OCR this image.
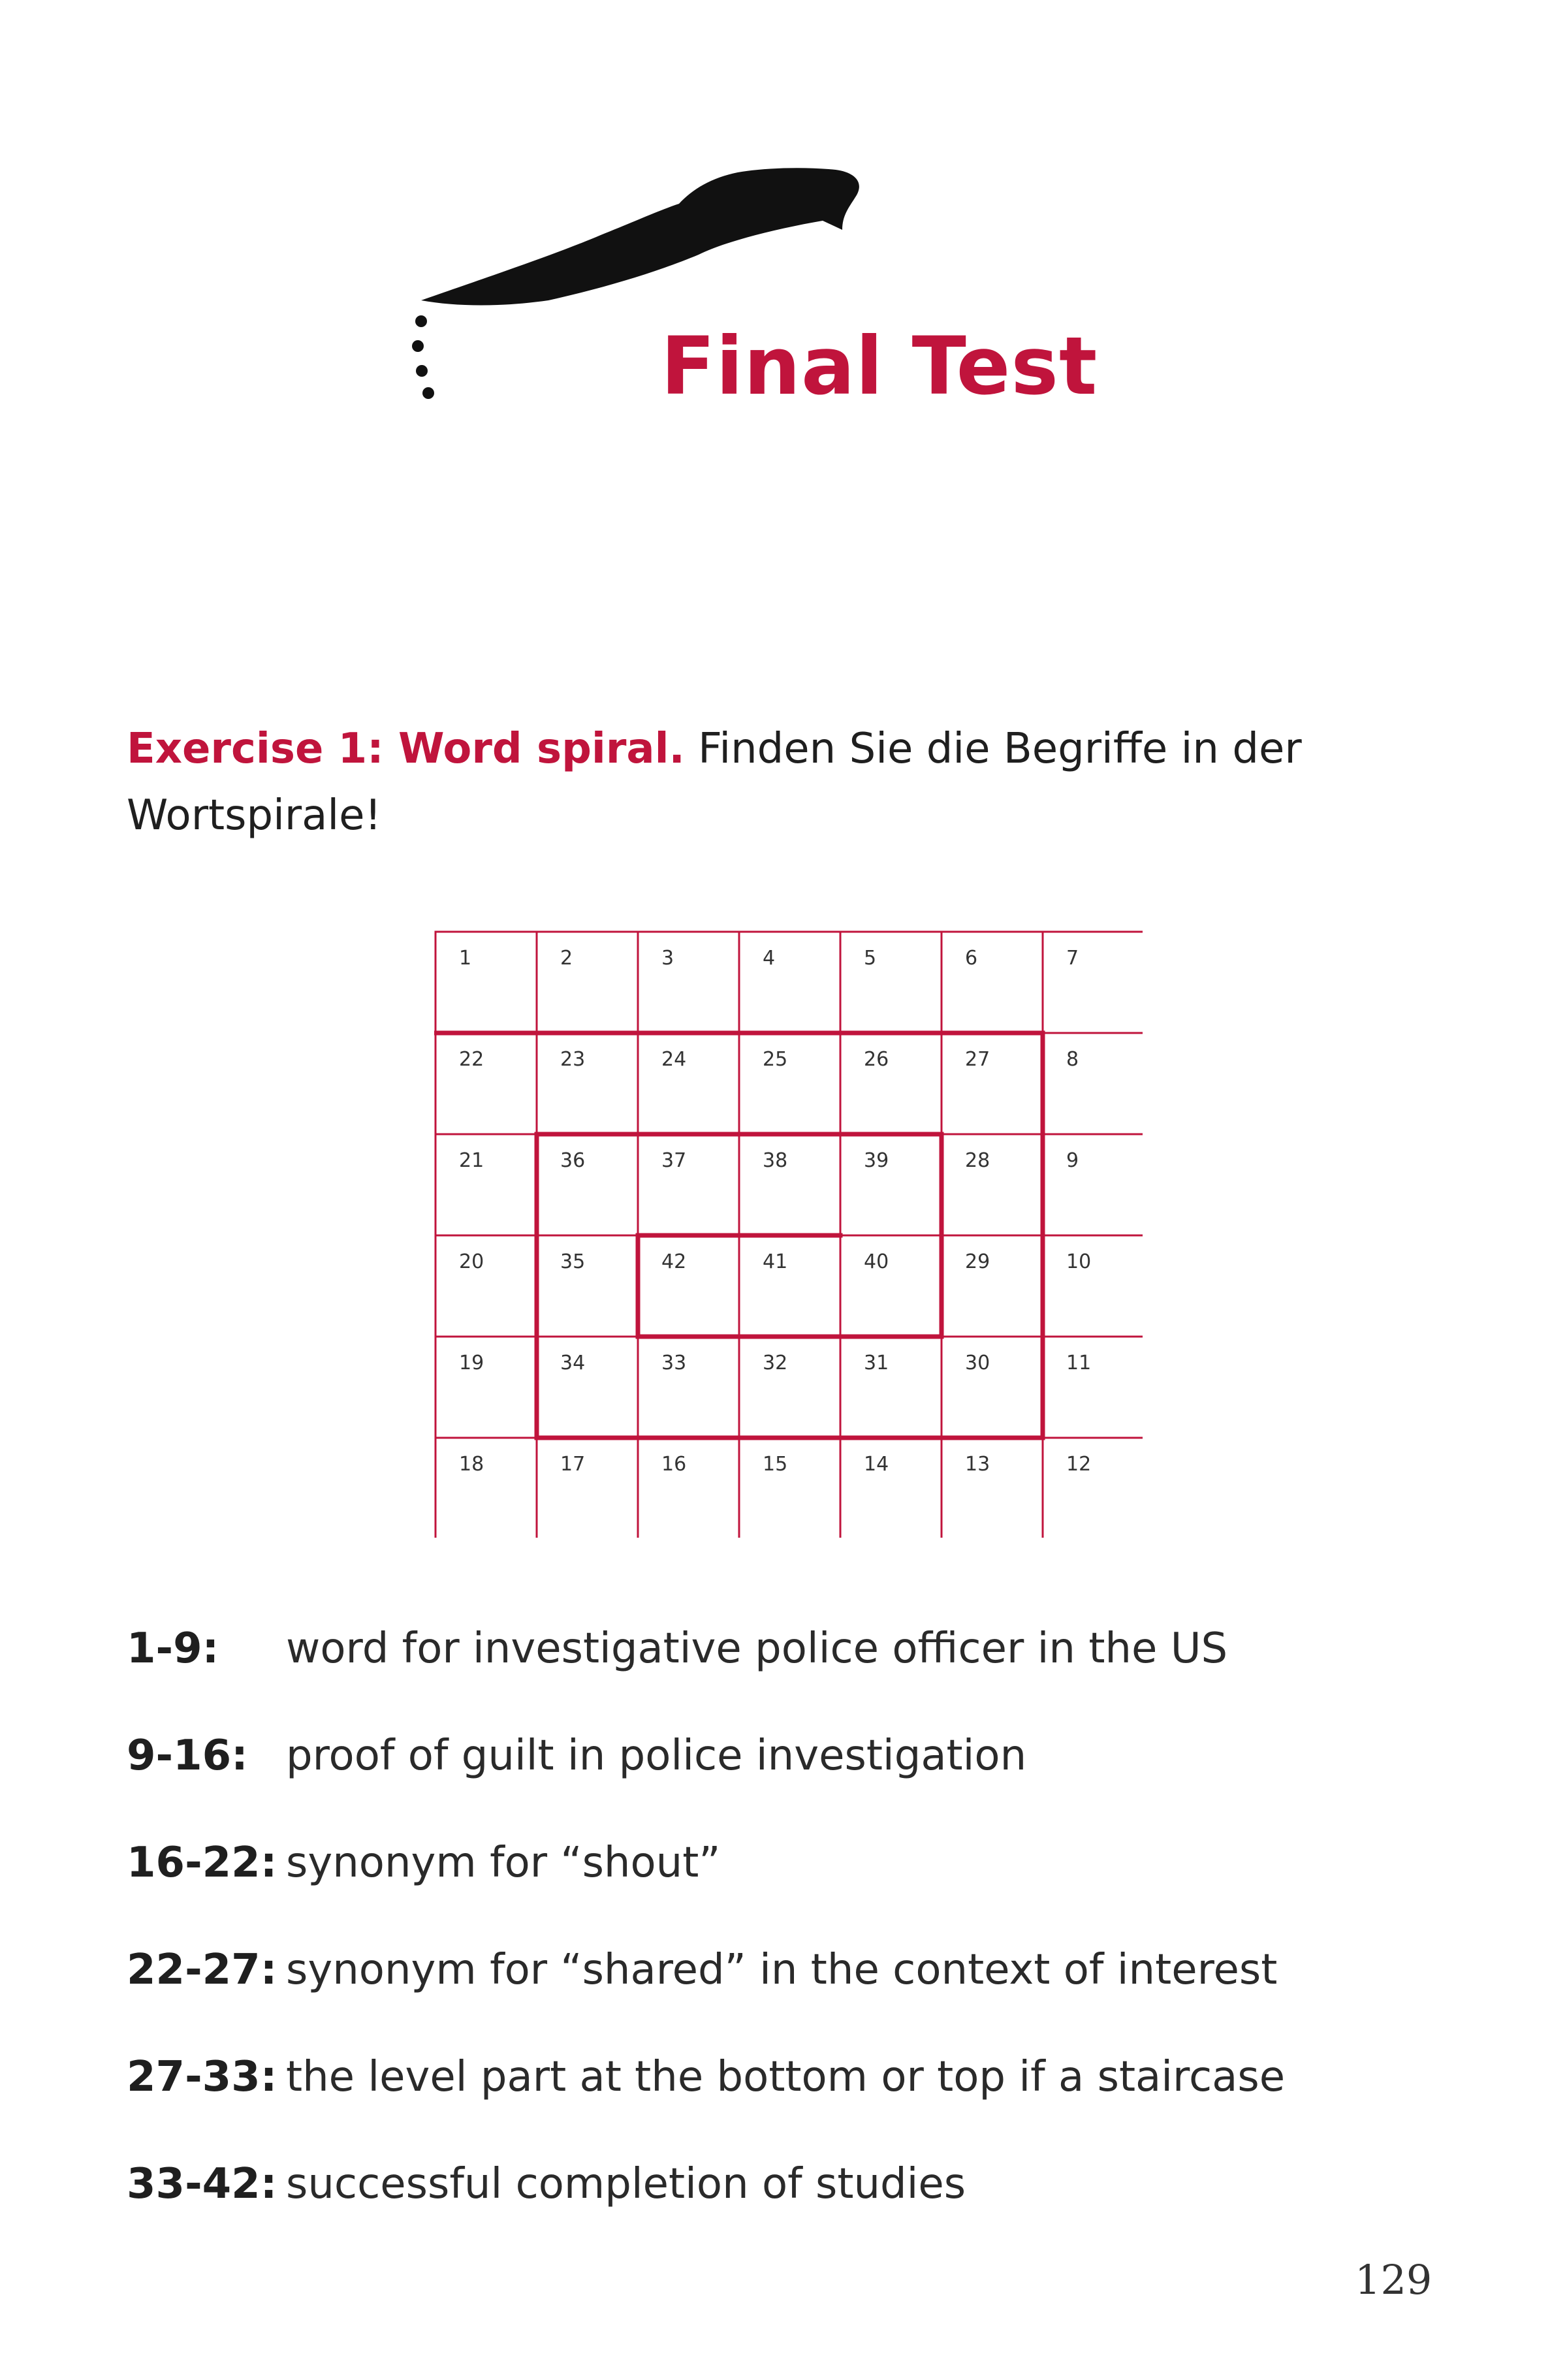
Final Test
Exercise 1: Word spiral. Finden Sie die Begriffe in der Wortspirale!
1	2	3	4	5	6	7
22	23	24	25	26	27	8
21	36	37	38	39	28	9
20	35	42	41	40	29	10
19	34	33	32	31	30	11
18	17	16	15	14	13	12
1-9: word for investigative police officer in the US
9-16: proof of guilt in police investigation
16-22: synonym for “shout”
22-27: synonym for “shared” in the context of interest
27-33: the level part at the bottom or top if a staircase
33-42: successful completion of studies
129
